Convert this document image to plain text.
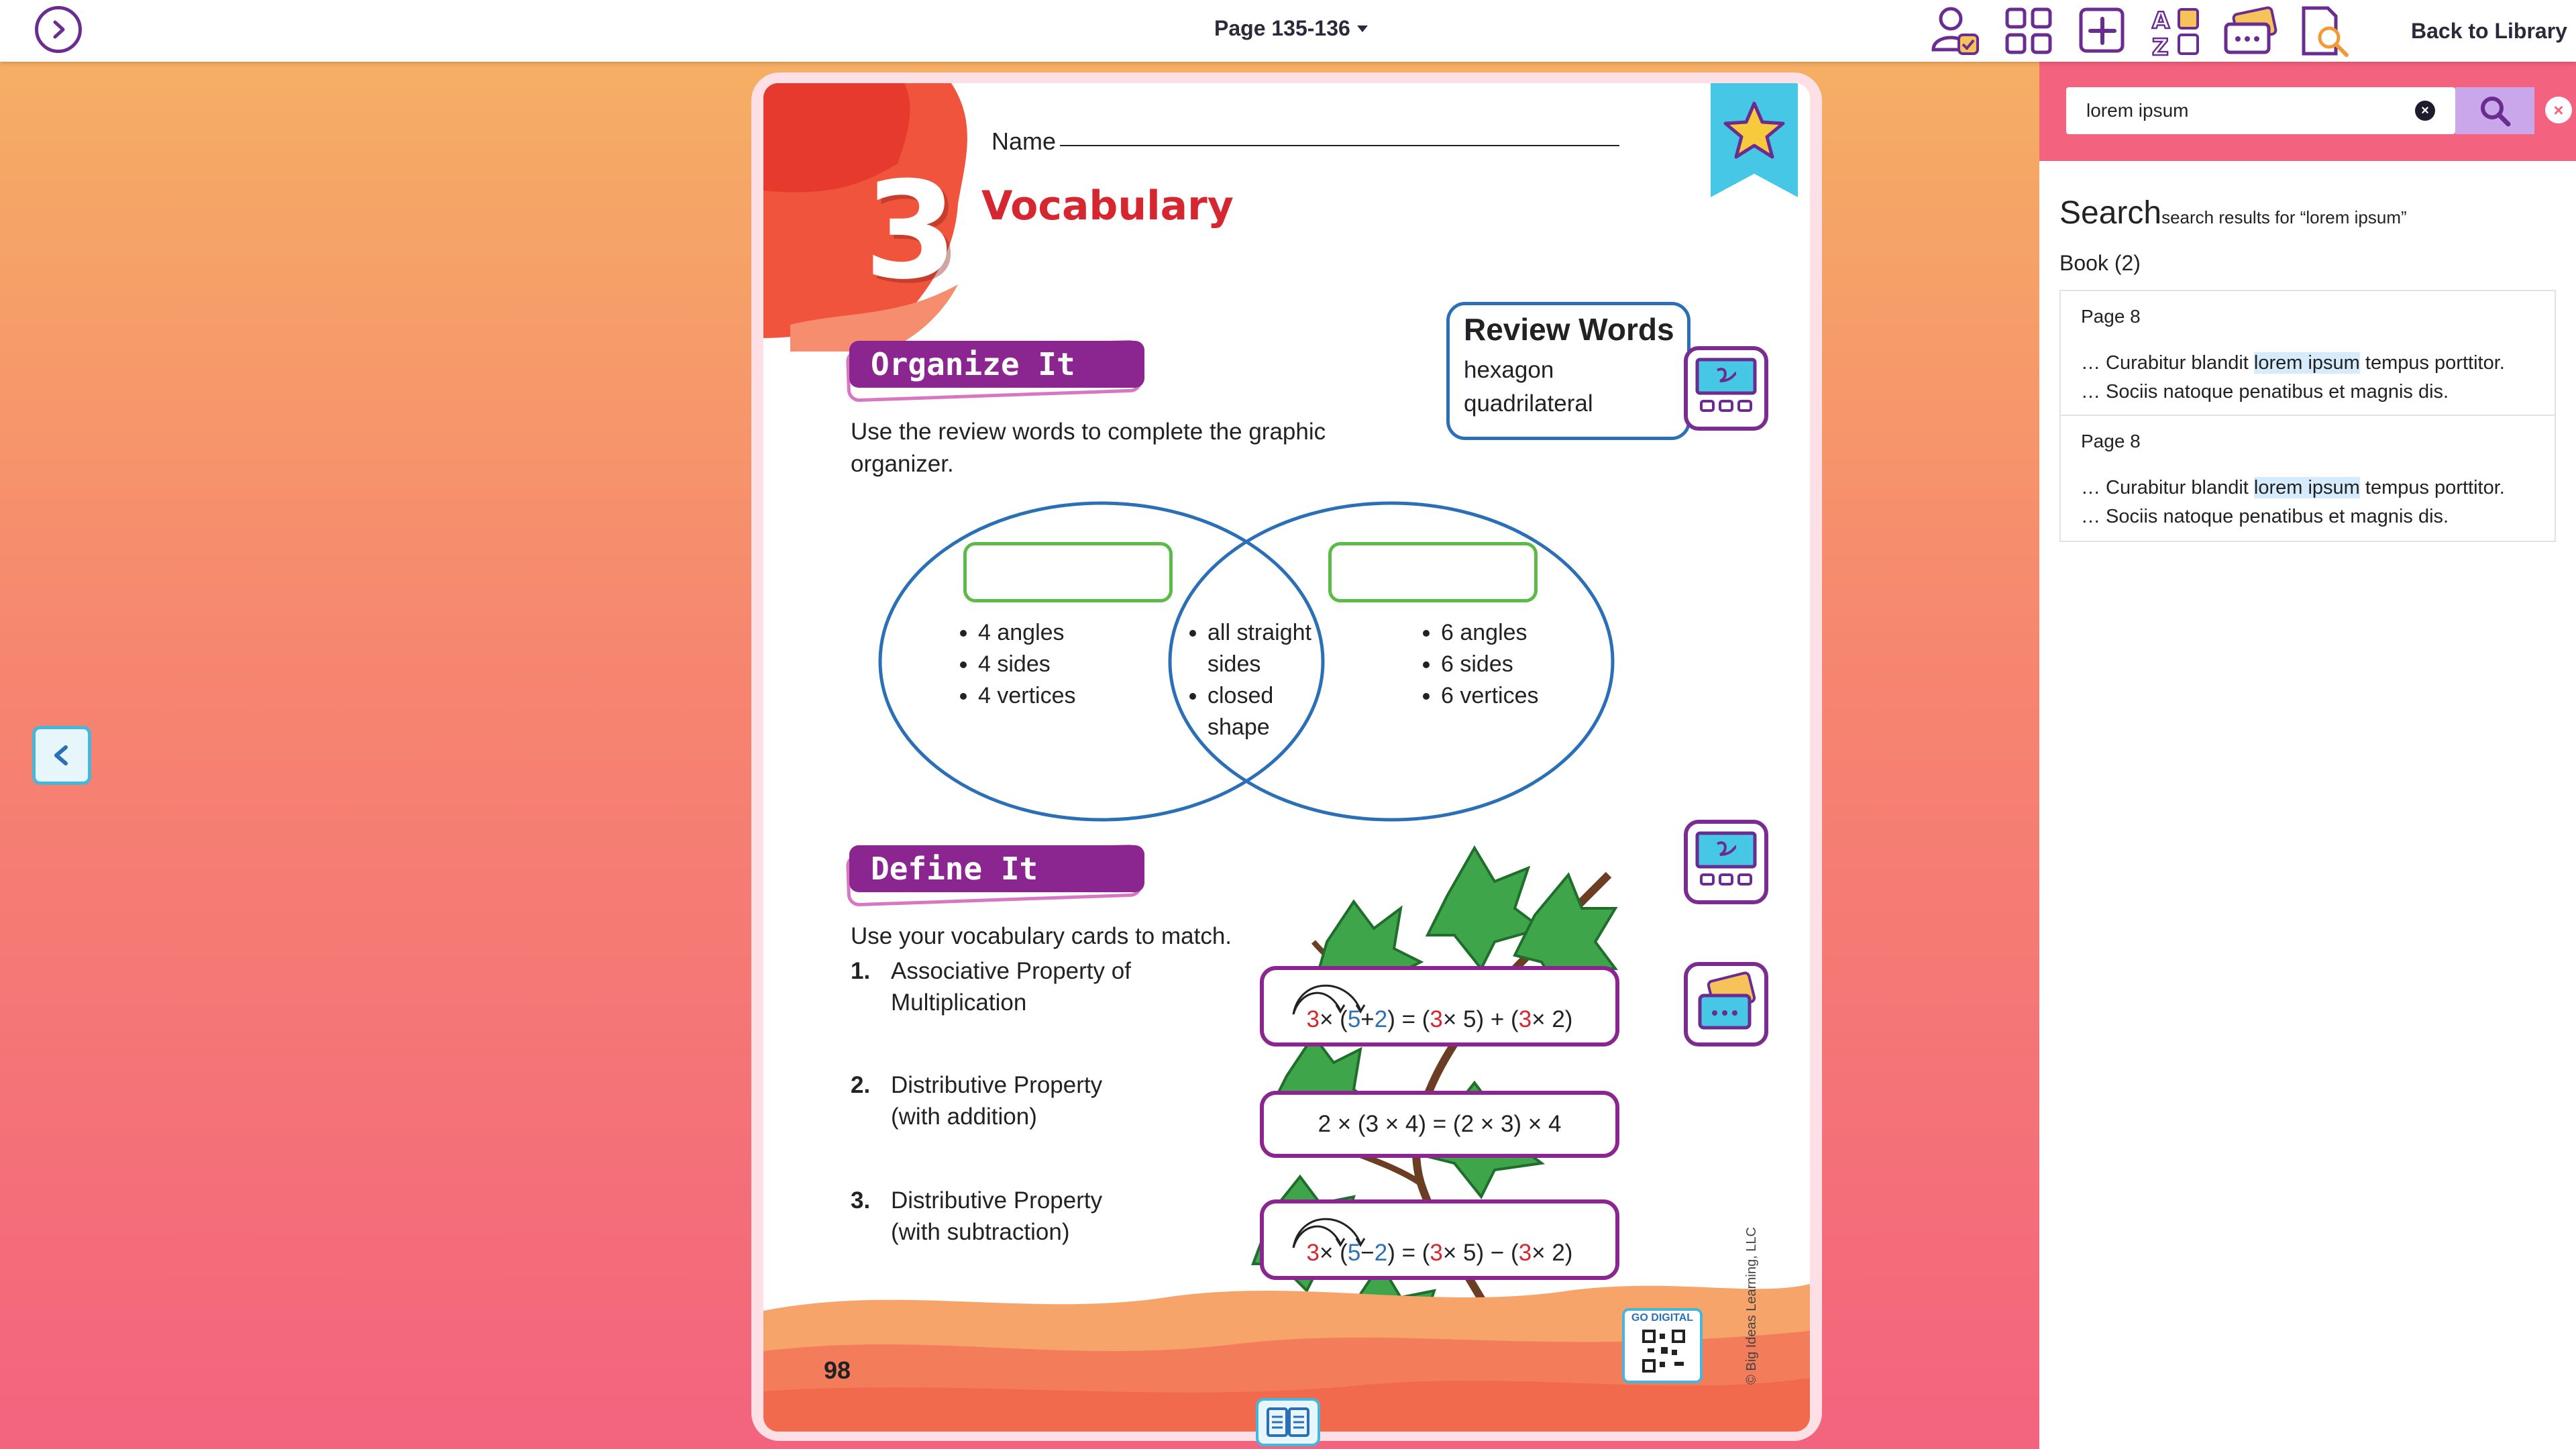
Page 135-136	A
Z
Back to Library
3
Name
Vocabulary
Organize It
Use the review words to complete the graphic organizer.
Review Words
hexagon
quadrilateral
• 4 angles
• 4 sides
• 4 vertices
• all straight sides
• closed shape
• 6 angles
• 6 sides
• 6 vertices
Define It
Use your vocabulary cards to match.
1. Associative Property of
Multiplication
2. Distributive Property
(with addition)
3. Distributive Property
(with subtraction)
3 × ( 5 + 2 ) = ( 3 × 5) + ( 3 × 2)
2 × (3 × 4) = (2 × 3) × 4
3 × ( 5 − 2 ) = ( 3 × 5) − ( 3 × 2)
98
GO DIGITAL	© Big Ideas Learning, LLC
lorem ipsum	×	×
Searchsearch results for “lorem ipsum”
Book (2)
Page 8
… Curabitur blandit lorem ipsum tempus porttitor.
… Sociis natoque penatibus et magnis dis.
Page 8
… Curabitur blandit lorem ipsum tempus porttitor.
… Sociis natoque penatibus et magnis dis.
